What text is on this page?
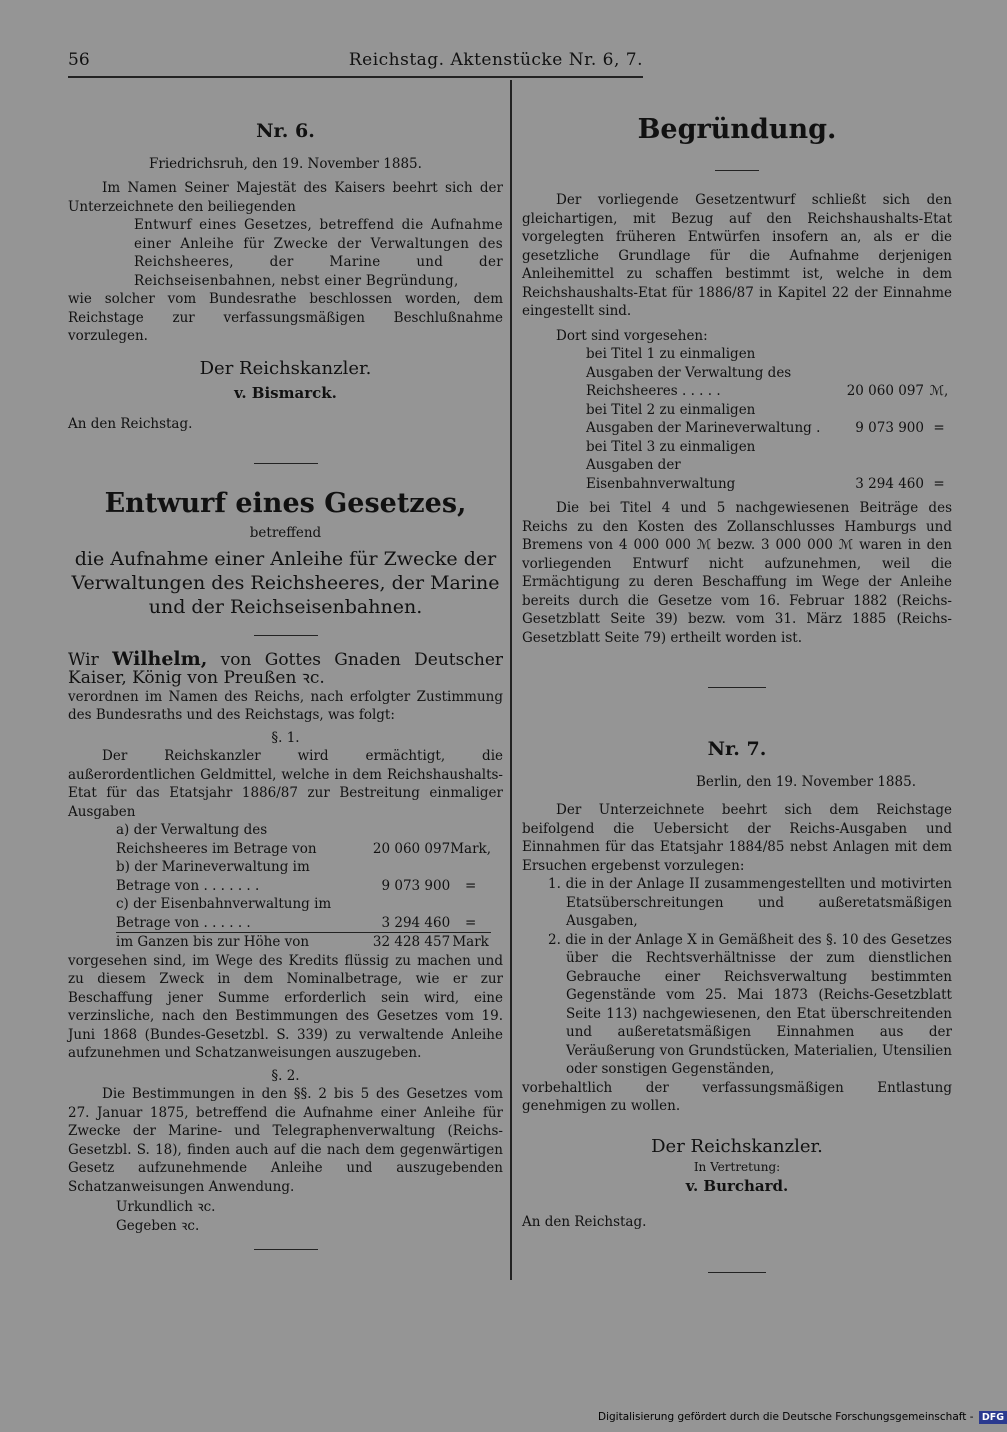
56	Reichstag. Aktenstücke Nr. 6, 7.
Nr. 6.

Friedrichsruh, den 19. November 1885.

Im Namen Seiner Majestät des Kaisers beehrt sich der Unterzeichnete den beiliegenden

Entwurf eines Gesetzes, betreffend die Aufnahme einer Anleihe für Zwecke der Verwaltungen des Reichsheeres, der Marine und der Reichseisenbahnen, nebst einer Begründung,

wie solcher vom Bundesrathe beschlossen worden, dem Reichstage zur verfassungsmäßigen Beschlußnahme vorzulegen.

Der Reichskanzler.
v. Bismarck.

An den Reichstag.

Entwurf eines Gesetzes,

betreffend

die Aufnahme einer Anleihe für Zwecke der
Verwaltungen des Reichsheeres, der Marine
und der Reichseisenbahnen.

Wir Wilhelm, von Gottes Gnaden Deutscher Kaiser, König von Preußen ꝛc.

verordnen im Namen des Reichs, nach erfolgter Zustimmung des Bundesraths und des Reichstags, was folgt:

§. 1.

Der Reichskanzler wird ermächtigt, die außerordentlichen Geldmittel, welche in dem Reichshaushalts-Etat für das Etatsjahr 1886/87 zur Bestreitung einmaliger Ausgaben

a) der Verwaltung des Reichsheeres im Betrage von	20 060 097	Mark,
b) der Marineverwaltung im Betrage von . . . . . . .	9 073 900	=
c) der Eisenbahnverwaltung im Betrage von . . . . . .	3 294 460	=
im Ganzen bis zur Höhe von	32 428 457	Mark

vorgesehen sind, im Wege des Kredits flüssig zu machen und zu diesem Zweck in dem Nominalbetrage, wie er zur Beschaffung jener Summe erforderlich sein wird, eine verzinsliche, nach den Bestimmungen des Gesetzes vom 19. Juni 1868 (Bundes-Gesetzbl. S. 339) zu verwaltende Anleihe aufzunehmen und Schatzanweisungen auszugeben.

§. 2.

Die Bestimmungen in den §§. 2 bis 5 des Gesetzes vom 27. Januar 1875, betreffend die Aufnahme einer Anleihe für Zwecke der Marine- und Telegraphenverwaltung (Reichs-Gesetzbl. S. 18), finden auch auf die nach dem gegenwärtigen Gesetz aufzunehmende Anleihe und auszugebenden Schatzanweisungen Anwendung.

Urkundlich ꝛc.

Gegeben ꝛc.

Begründung.

Der vorliegende Gesetzentwurf schließt sich den gleichartigen, mit Bezug auf den Reichshaushalts-Etat vorgelegten früheren Entwürfen insofern an, als er die gesetzliche Grundlage für die Aufnahme derjenigen Anleihemittel zu schaffen bestimmt ist, welche in dem Reichshaushalts-Etat für 1886/87 in Kapitel 22 der Einnahme eingestellt sind.

Dort sind vorgesehen:

bei Titel 1 zu einmaligen Ausgaben der Verwaltung des Reichsheeres . . . . .	20 060 097	ℳ,
bei Titel 2 zu einmaligen Ausgaben der Marineverwaltung .	9 073 900	=
bei Titel 3 zu einmaligen Ausgaben der Eisenbahnverwaltung	3 294 460	=

Die bei Titel 4 und 5 nachgewiesenen Beiträge des Reichs zu den Kosten des Zollanschlusses Hamburgs und Bremens von 4 000 000 ℳ bezw. 3 000 000 ℳ waren in den vorliegenden Entwurf nicht aufzunehmen, weil die Ermächtigung zu deren Beschaffung im Wege der Anleihe bereits durch die Gesetze vom 16. Februar 1882 (Reichs-Gesetzblatt Seite 39) bezw. vom 31. März 1885 (Reichs-Gesetzblatt Seite 79) ertheilt worden ist.

Nr. 7.

Berlin, den 19. November 1885.

Der Unterzeichnete beehrt sich dem Reichstage beifolgend die Uebersicht der Reichs-Ausgaben und Einnahmen für das Etatsjahr 1884/85 nebst Anlagen mit dem Ersuchen ergebenst vorzulegen:

1. die in der Anlage II zusammengestellten und motivirten Etatsüberschreitungen und außeretatsmäßigen Ausgaben,

2. die in der Anlage X in Gemäßheit des §. 10 des Gesetzes über die Rechtsverhältnisse der zum dienstlichen Gebrauche einer Reichsverwaltung bestimmten Gegenstände vom 25. Mai 1873 (Reichs-Gesetzblatt Seite 113) nachgewiesenen, den Etat überschreitenden und außeretatsmäßigen Einnahmen aus der Veräußerung von Grundstücken, Materialien, Utensilien oder sonstigen Gegenständen,

vorbehaltlich der verfassungsmäßigen Entlastung genehmigen zu wollen.

Der Reichskanzler.

In Vertretung:

v. Burchard.

An den Reichstag.

Digitalisierung gefördert durch die Deutsche Forschungsgemeinschaft - DFG
